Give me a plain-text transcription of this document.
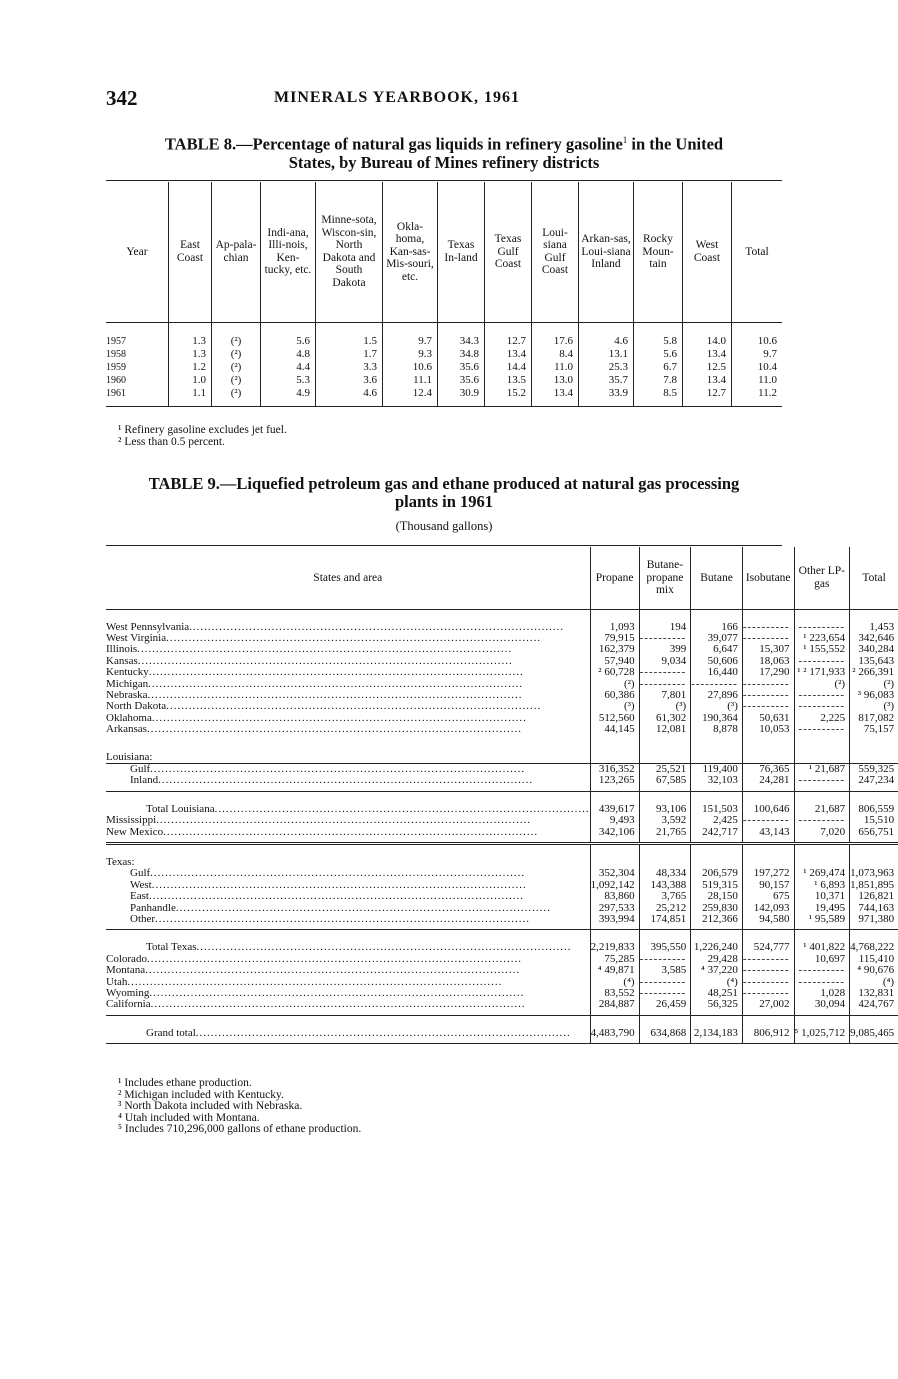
342	MINERALS YEARBOOK, 1961
TABLE 8.—Percentage of natural gas liquids in refinery gasoline$^1$ in the United
States, by Bureau of Mines refinery districts
Year	East Coast	Ap-pala-chian	Indi-ana, Illi-nois, Ken-tucky, etc.	Minne-sota, Wiscon-sin, North Dakota and South Dakota	Okla-homa, Kan-sas-Mis-souri, etc.	Texas In-land	Texas Gulf Coast	Loui-siana Gulf Coast	Arkan-sas, Loui-siana Inland	Rocky Moun-tain	West Coast	Total
1957	1.3	(²)	5.6	1.5	9.7	34.3	12.7	17.6	4.6	5.8	14.0	10.6
1958	1.3	(²)	4.8	1.7	9.3	34.8	13.4	8.4	13.1	5.6	13.4	9.7
1959	1.2	(²)	4.4	3.3	10.6	35.6	14.4	11.0	25.3	6.7	12.5	10.4
1960	1.0	(²)	5.3	3.6	11.1	35.6	13.5	13.0	35.7	7.8	13.4	11.0
1961	1.1	(²)	4.9	4.6	12.4	30.9	15.2	13.4	33.9	8.5	12.7	11.2
¹ Refinery gasoline excludes jet fuel.
² Less than 0.5 percent.
TABLE 9.—Liquefied petroleum gas and ethane produced at natural gas processing
plants in 1961
(Thousand gallons)
States and area	Propane	Butane-propane mix	Butane	Isobutane	Other LP-gas	Total
West Pennsylvania .....	1,093	194	166	-----	-----	1,453
West Virginia .....	79,915	-----	39,077	-----	¹ 223,654	342,646
Illinois .....	162,379	399	6,647	15,307	¹ 155,552	340,284
Kansas .....	57,940	9,034	50,606	18,063	-----	135,643
Kentucky .....	² 60,728	-----	16,440	17,290	¹ ² 171,933	² 266,391
Michigan .....	(²)	-----	-----	-----	(²)	(²)
Nebraska .....	60,386	7,801	27,896	-----	-----	³ 96,083
North Dakota .....	(³)	(³)	(³)	-----	-----	(³)
Oklahoma .....	512,560	61,302	190,364	50,631	2,225	817,082
Arkansas .....	44,145	12,081	8,878	10,053	-----	75,157
Louisiana:						
Gulf .....	316,352	25,521	119,400	76,365	¹ 21,687	559,325
Inland .....	123,265	67,585	32,103	24,281	-----	247,234
Total Louisiana .....	439,617	93,106	151,503	100,646	21,687	806,559
Mississippi .....	9,493	3,592	2,425	-----	-----	15,510
New Mexico .....	342,106	21,765	242,717	43,143	7,020	656,751
Texas:						
Gulf .....	352,304	48,334	206,579	197,272	¹ 269,474	1,073,963
West .....	1,092,142	143,388	519,315	90,157	¹ 6,893	1,851,895
East .....	83,860	3,765	28,150	675	10,371	126,821
Panhandle .....	297,533	25,212	259,830	142,093	19,495	744,163
Other .....	393,994	174,851	212,366	94,580	¹ 95,589	971,380
Total Texas .....	2,219,833	395,550	1,226,240	524,777	¹ 401,822	4,768,222
Colorado .....	75,285	-----	29,428	-----	10,697	115,410
Montana .....	⁴ 49,871	3,585	⁴ 37,220	-----	-----	⁴ 90,676
Utah .....	(⁴)	-----	(⁴)	-----	-----	(⁴)
Wyoming .....	83,552	-----	48,251	-----	1,028	132,831
California .....	284,887	26,459	56,325	27,002	30,094	424,767
Grand total .....	4,483,790	634,868	2,134,183	806,912	⁵ 1,025,712	9,085,465
¹ Includes ethane production.
² Michigan included with Kentucky.
³ North Dakota included with Nebraska.
⁴ Utah included with Montana.
⁵ Includes 710,296,000 gallons of ethane production.
